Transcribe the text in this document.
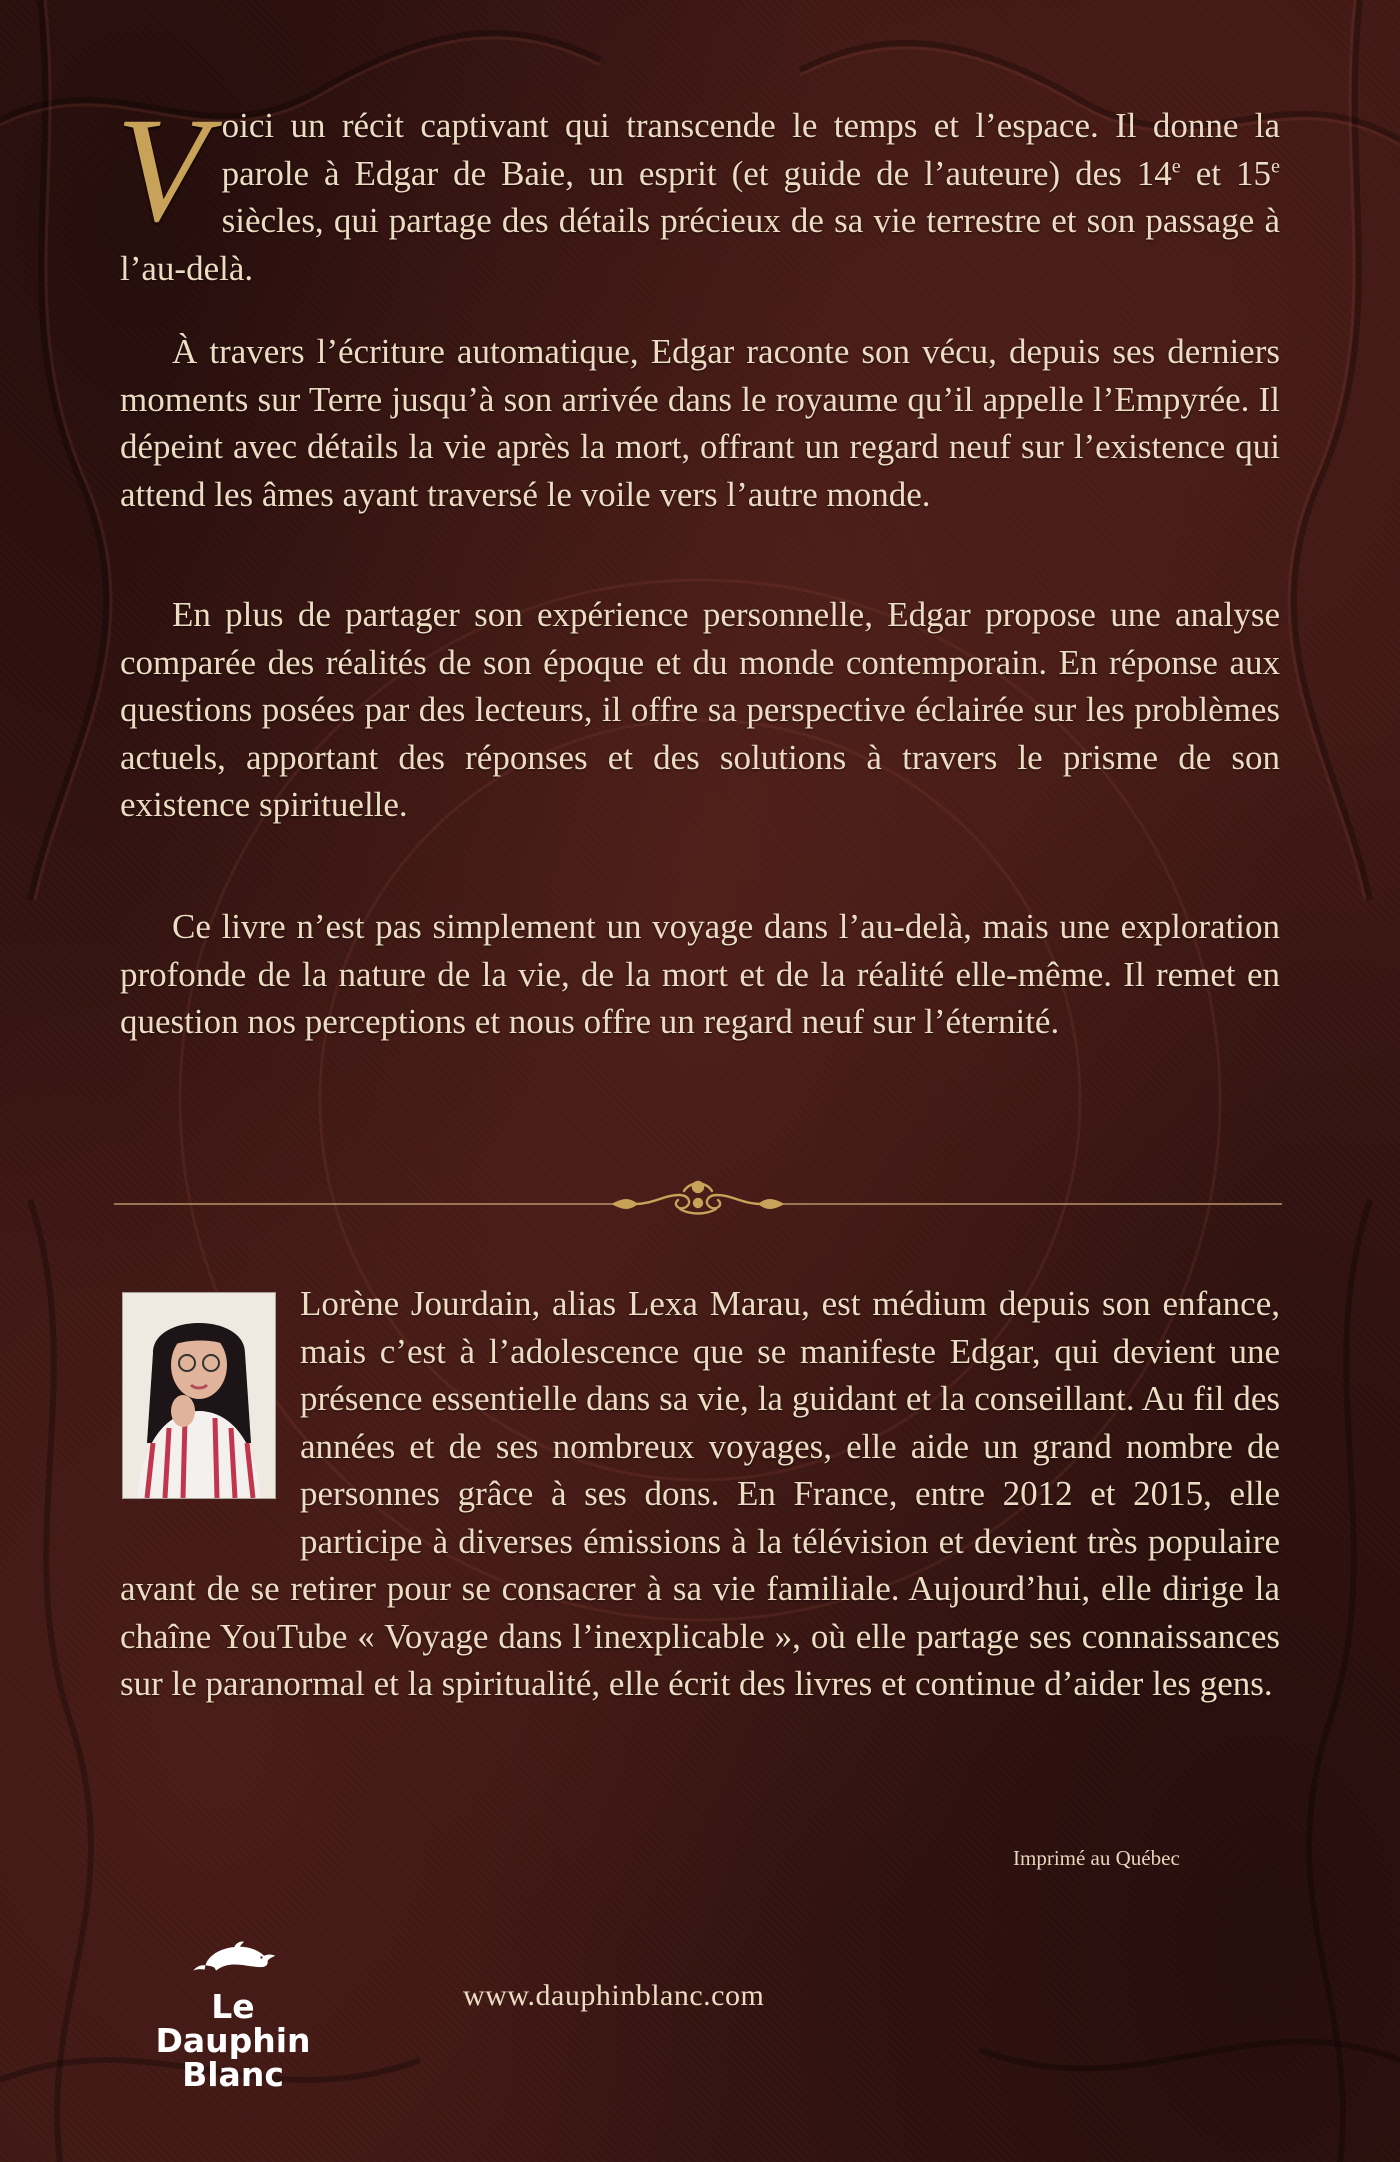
Voici un récit captivant qui transcende le temps et l’espace. Il donne la parole à Edgar de Baie, un esprit (et guide de l’auteure) des 14e et 15e siècles, qui partage des détails précieux de sa vie terrestre et son passage à l’au-delà.

À travers l’écriture automatique, Edgar raconte son vécu, depuis ses derniers moments sur Terre jusqu’à son arrivée dans le royaume qu’il appelle l’Empyrée. Il dépeint avec détails la vie après la mort, offrant un regard neuf sur l’existence qui attend les âmes ayant traversé le voile vers l’autre monde.

En plus de partager son expérience personnelle, Edgar propose une analyse comparée des réalités de son époque et du monde contemporain. En réponse aux questions posées par des lecteurs, il offre sa perspective éclairée sur les problèmes actuels, apportant des réponses et des solutions à travers le prisme de son existence spirituelle.

Ce livre n’est pas simplement un voyage dans l’au-delà, mais une exploration profonde de la nature de la vie, de la mort et de la réalité elle-même. Il remet en question nos perceptions et nous offre un regard neuf sur l’éternité.

Lorène Jourdain, alias Lexa Marau, est médium depuis son enfance, mais c’est à l’adolescence que se manifeste Edgar, qui devient une présence essentielle dans sa vie, la guidant et la conseillant. Au fil des années et de ses nombreux voyages, elle aide un grand nombre de personnes grâce à ses dons. En France, entre 2012 et 2015, elle participe à diverses émissions à la télévision et devient très populaire avant de se retirer pour se consacrer à sa vie familiale. Aujourd’hui, elle dirige la chaîne YouTube « Voyage dans l’inexplicable », où elle partage ses connaissances sur le paranormal et la spiritualité, elle écrit des livres et continue d’aider les gens.

Imprimé au Québec
Le
Dauphin
Blanc
www.dauphinblanc.com
